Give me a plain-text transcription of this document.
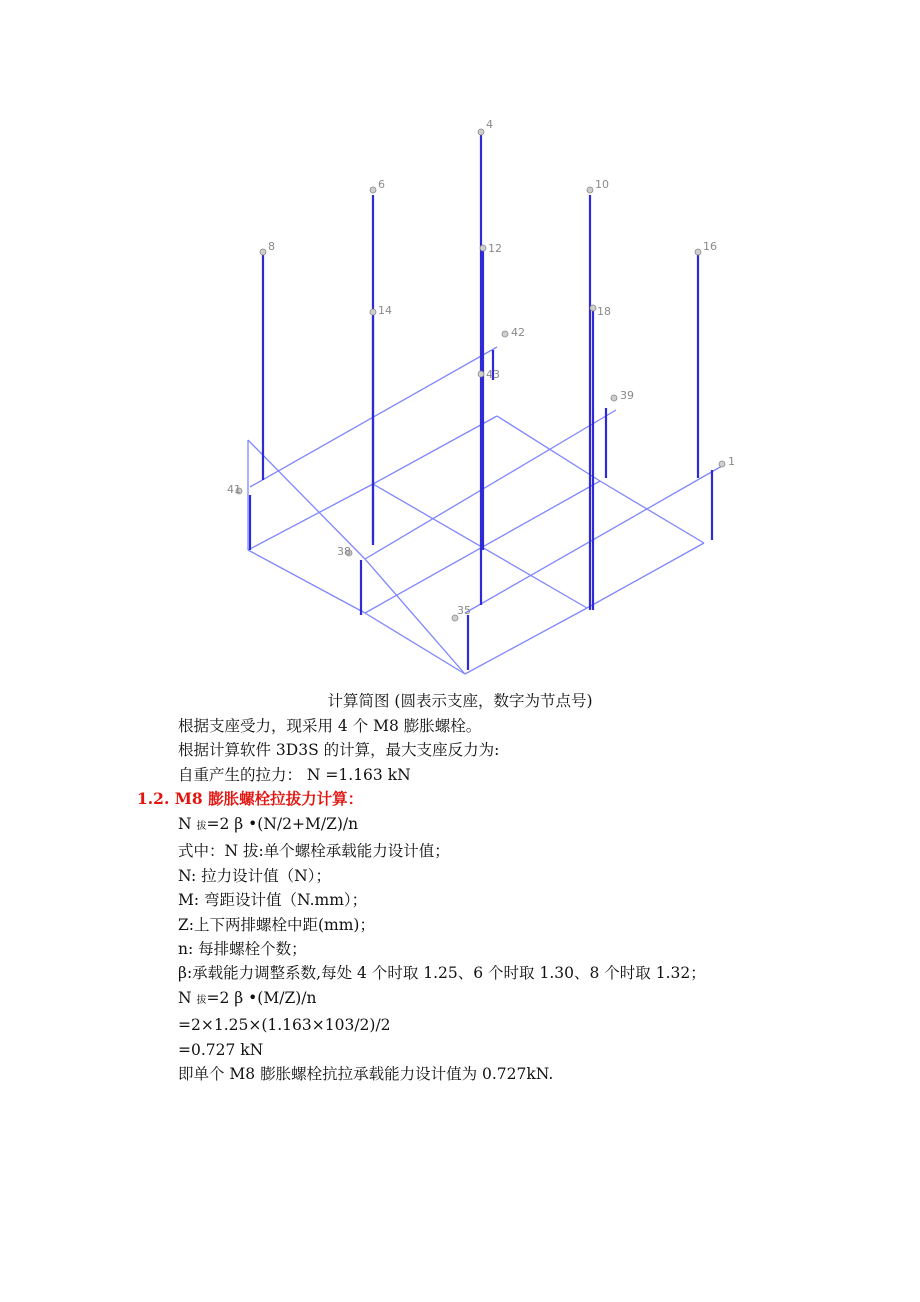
4
6	10
8	12	16
14	18
42
43
39
1
41
38
35
计算简图 (圆表示支座，数字为节点号)
根据支座受力，现采用 4 个 M8 膨胀螺栓。
根据计算软件 3D3S 的计算，最大支座反力为:
自重产生的拉力： N =1.163 kN
1.2. M8 膨胀螺栓拉拔力计算：
N 拔=2 β •(N/2+M/Z)/n
式中：N 拔:单个螺栓承载能力设计值；
N: 拉力设计值（N）；
M: 弯距设计值（N.mm）；
Z:上下两排螺栓中距(mm)；
n: 每排螺栓个数；
β:承载能力调整系数,每处 4 个时取 1.25、6 个时取 1.30、8 个时取 1.32；
N 拔=2 β •(M/Z)/n
=2×1.25×(1.163×103/2)/2
=0.727 kN
即单个 M8 膨胀螺栓抗拉承载能力设计值为 0.727kN.
